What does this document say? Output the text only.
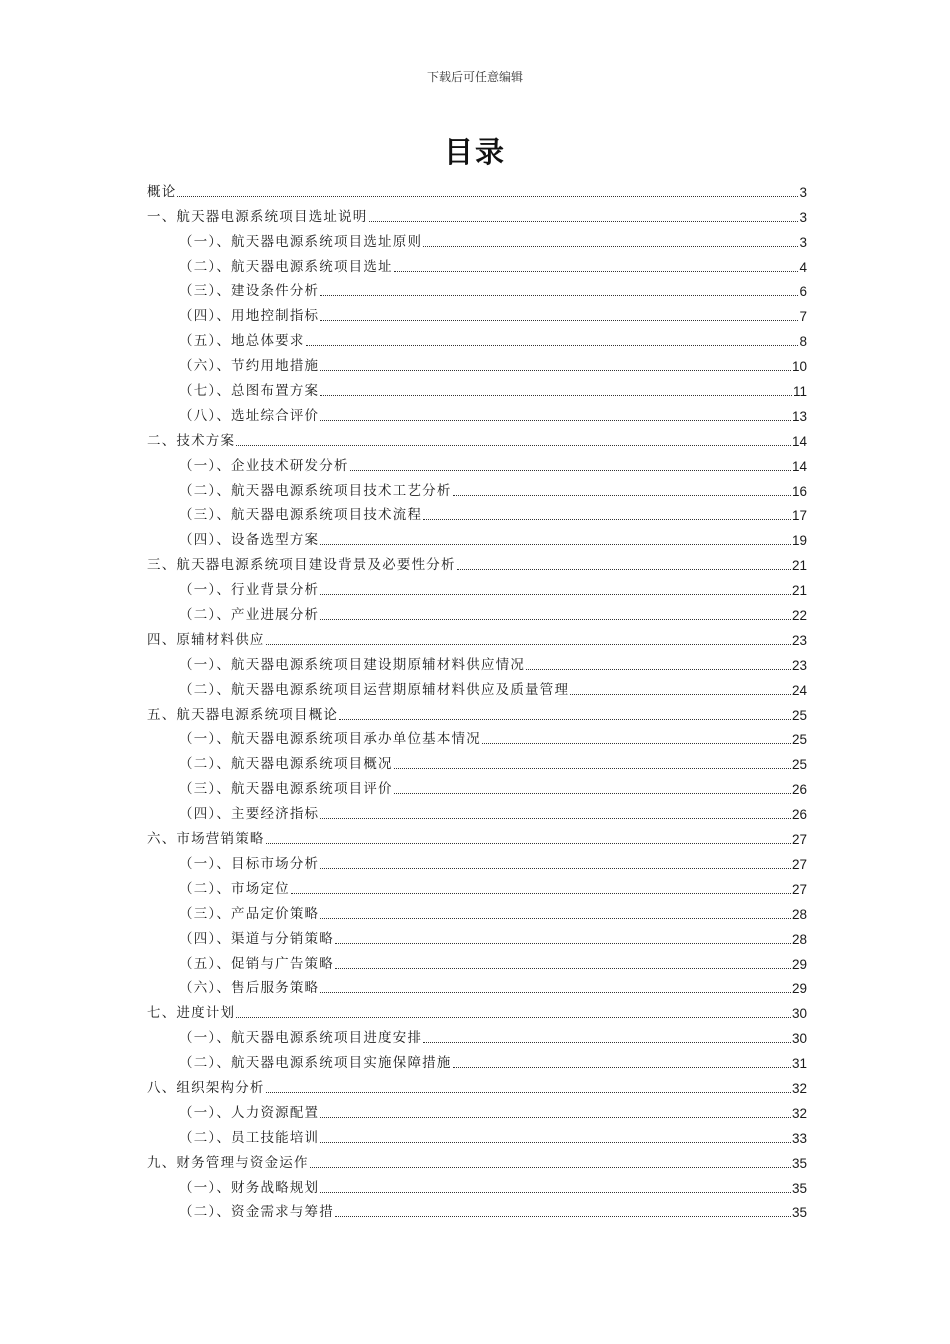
下载后可任意编辑
目录
概论	3
一、航天器电源系统项目选址说明	3
（一）、航天器电源系统项目选址原则	3
（二）、航天器电源系统项目选址	4
（三）、建设条件分析	6
（四）、用地控制指标	7
（五）、地总体要求	8
（六）、节约用地措施	10
（七）、总图布置方案	11
（八）、选址综合评价	13
二、技术方案	14
（一）、企业技术研发分析	14
（二）、航天器电源系统项目技术工艺分析	16
（三）、航天器电源系统项目技术流程	17
（四）、设备选型方案	19
三、航天器电源系统项目建设背景及必要性分析	21
（一）、行业背景分析	21
（二）、产业进展分析	22
四、原辅材料供应	23
（一）、航天器电源系统项目建设期原辅材料供应情况	23
（二）、航天器电源系统项目运营期原辅材料供应及质量管理	24
五、航天器电源系统项目概论	25
（一）、航天器电源系统项目承办单位基本情况	25
（二）、航天器电源系统项目概况	25
（三）、航天器电源系统项目评价	26
（四）、主要经济指标	26
六、市场营销策略	27
（一）、目标市场分析	27
（二）、市场定位	27
（三）、产品定价策略	28
（四）、渠道与分销策略	28
（五）、促销与广告策略	29
（六）、售后服务策略	29
七、进度计划	30
（一）、航天器电源系统项目进度安排	30
（二）、航天器电源系统项目实施保障措施	31
八、组织架构分析	32
（一）、人力资源配置	32
（二）、员工技能培训	33
九、财务管理与资金运作	35
（一）、财务战略规划	35
（二）、资金需求与筹措	35
